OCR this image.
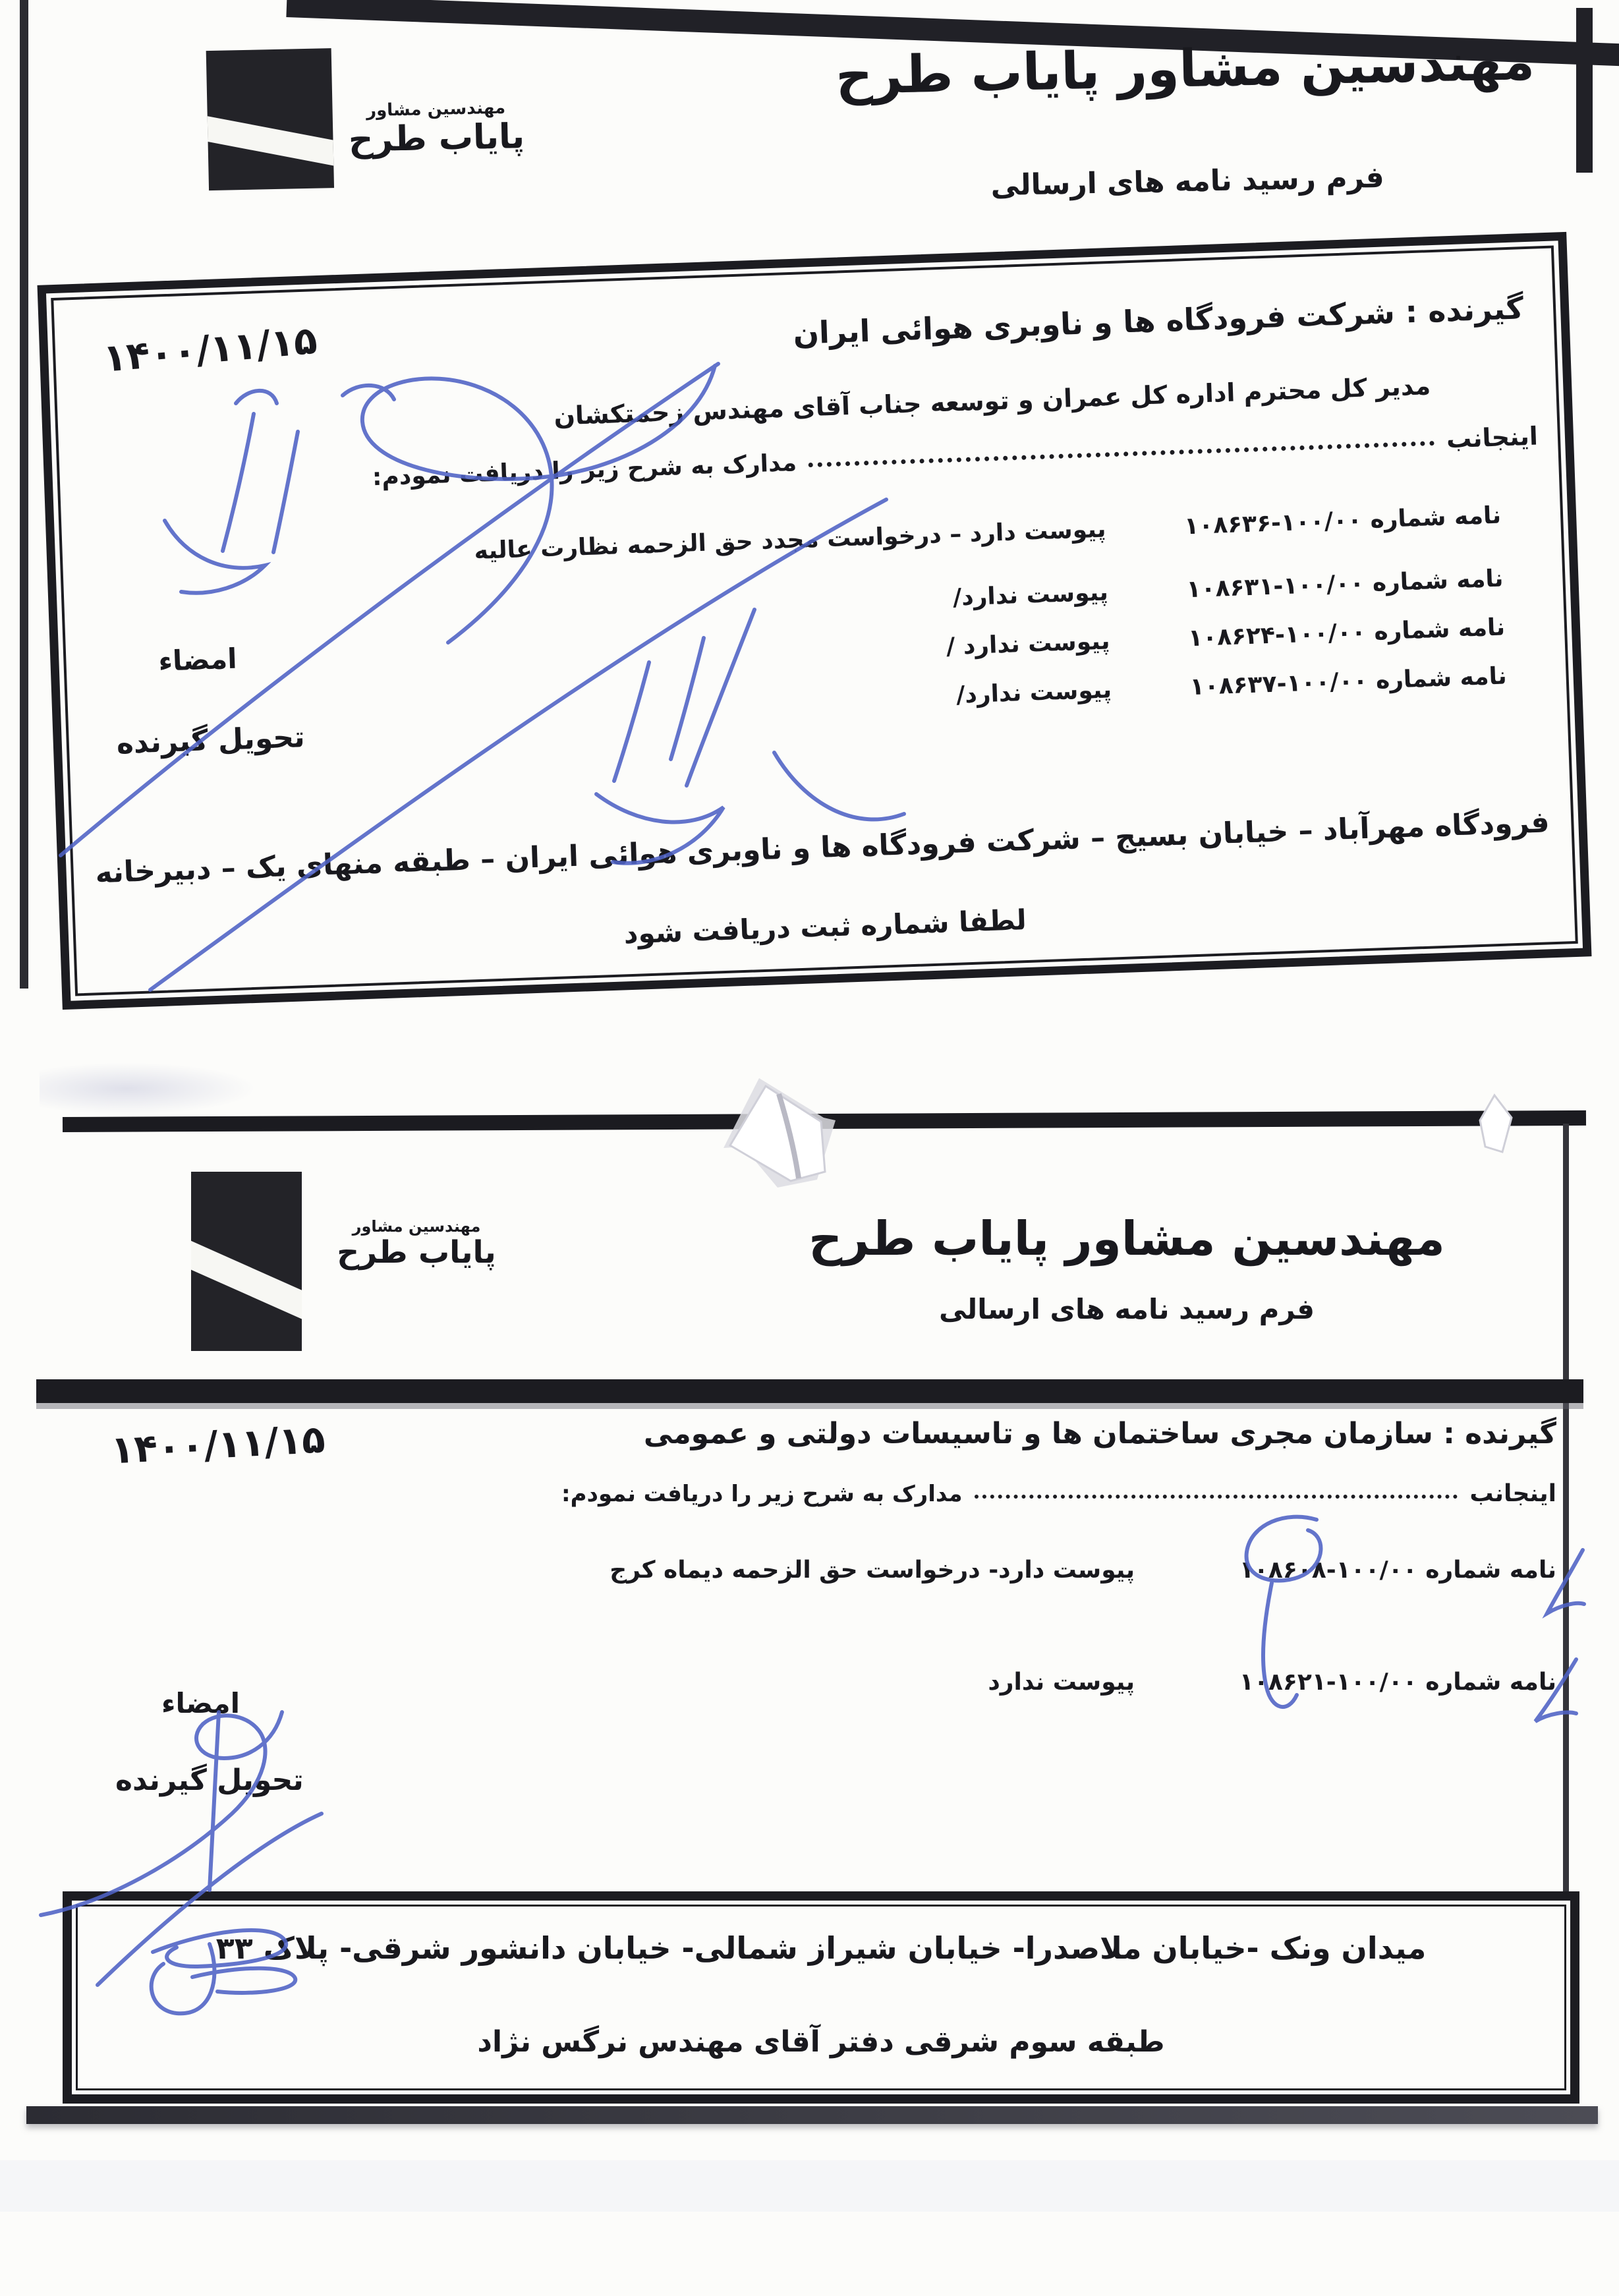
مهندسین مشاور
پایاب طرح
مهندسین مشاور پایاب طرح
فرم رسید نامه های ارسالی
۱۴۰۰/۱۱/۱۵	گیرنده : شرکت فرودگاه ها و ناوبری هوائی ایران
مدیر کل محترم اداره کل عمران و توسعه جناب آقای مهندس زحمتکشان
اینجانب
مدارک به شرح زیر را دریافت نمودم:
نامه شماره ۱۰۰/۰۰-۱۰۸۶۳۶
پیوست دارد – درخواست مجدد حق الزحمه نظارت عالیه
نامه شماره ۱۰۰/۰۰-۱۰۸۶۳۱
پیوست ندارد/
نامه شماره ۱۰۰/۰۰-۱۰۸۶۲۴
پیوست ندارد /
نامه شماره ۱۰۰/۰۰-۱۰۸۶۳۷
پیوست ندارد/
امضاء
تحویل گیرنده
فرودگاه مهرآباد – خیابان بسیج – شرکت فرودگاه ها و ناوبری هوائی ایران – طبقه منهای یک – دبیرخانه
لطفا شماره ثبت دریافت شود
مهندسین مشاور
پایاب طرح	مهندسین مشاور پایاب طرح
فرم رسید نامه های ارسالی
۱۴۰۰/۱۱/۱۵	گیرنده : سازمان مجری ساختمان ها و تاسیسات دولتی و عمومی
اینجانب
مدارک به شرح زیر را دریافت نمودم:
نامه شماره ۱۰۰/۰۰-۱۰۸۶۰۸
پیوست دارد- درخواست حق الزحمه دیماه کرج
نامه شماره ۱۰۰/۰۰-۱۰۸۶۲۱
پیوست ندارد
امضاء
تحویل گیرنده
میدان ونک -خیابان ملاصدرا- خیابان شیراز شمالی- خیابان دانشور شرقی- پلاک ۳۳
طبقه سوم شرقی دفتر آقای مهندس نرگس نژاد
